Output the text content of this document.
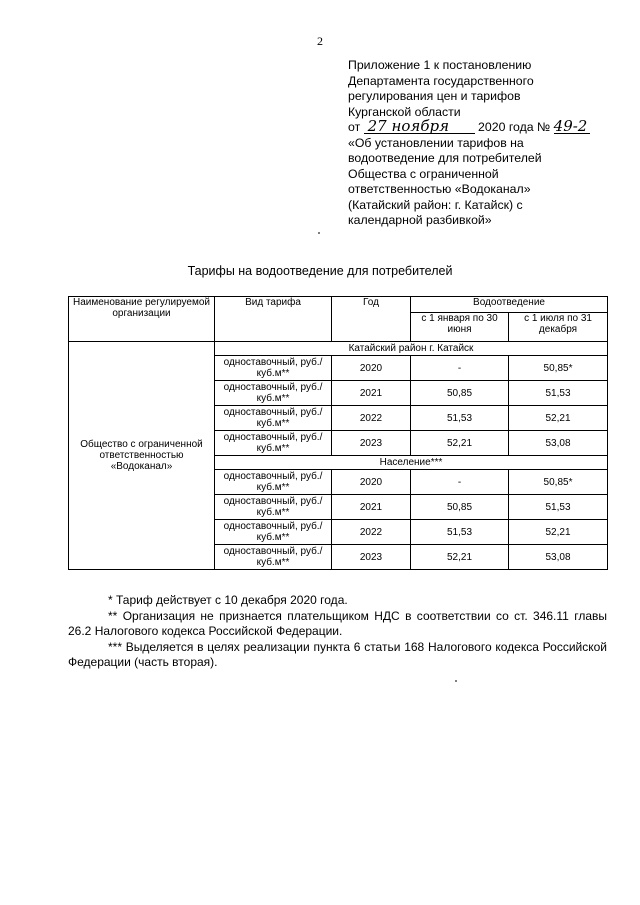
2
Приложение 1 к постановлению
Департамента государственного
регулирования цен и тарифов
Курганской области
от 27 ноября 2020 года № 49-2
«Об установлении тарифов на
водоотведение для потребителей
Общества с ограниченной
ответственностью «Водоканал»
(Катайский район: г. Катайск) с
календарной разбивкой»
Тарифы на водоотведение для потребителей
Наименование регулируемой организации	Вид тарифа	Год	Водоотведение	
			с 1 января по 30 июня	с 1 июля по 31 декабря
Общество с ограниченной ответственностью «Водоканал»	Катайский район г. Катайск			
	одноставочный, руб./куб.м**	2020	-	50,85*
	одноставочный, руб./куб.м**	2021	50,85	51,53
	одноставочный, руб./куб.м**	2022	51,53	52,21
	одноставочный, руб./куб.м**	2023	52,21	53,08
	Население***			
	одноставочный, руб./куб.м**	2020	-	50,85*
	одноставочный, руб./куб.м**	2021	50,85	51,53
	одноставочный, руб./куб.м**	2022	51,53	52,21
	одноставочный, руб./куб.м**	2023	52,21	53,08

* Тариф действует с 10 декабря 2020 года.

** Организация не признается плательщиком НДС в соответствии со ст. 346.11 главы 26.2 Налогового кодекса Российской Федерации.

*** Выделяется в целях реализации пункта 6 статьи 168 Налогового кодекса Российской Федерации (часть вторая).
